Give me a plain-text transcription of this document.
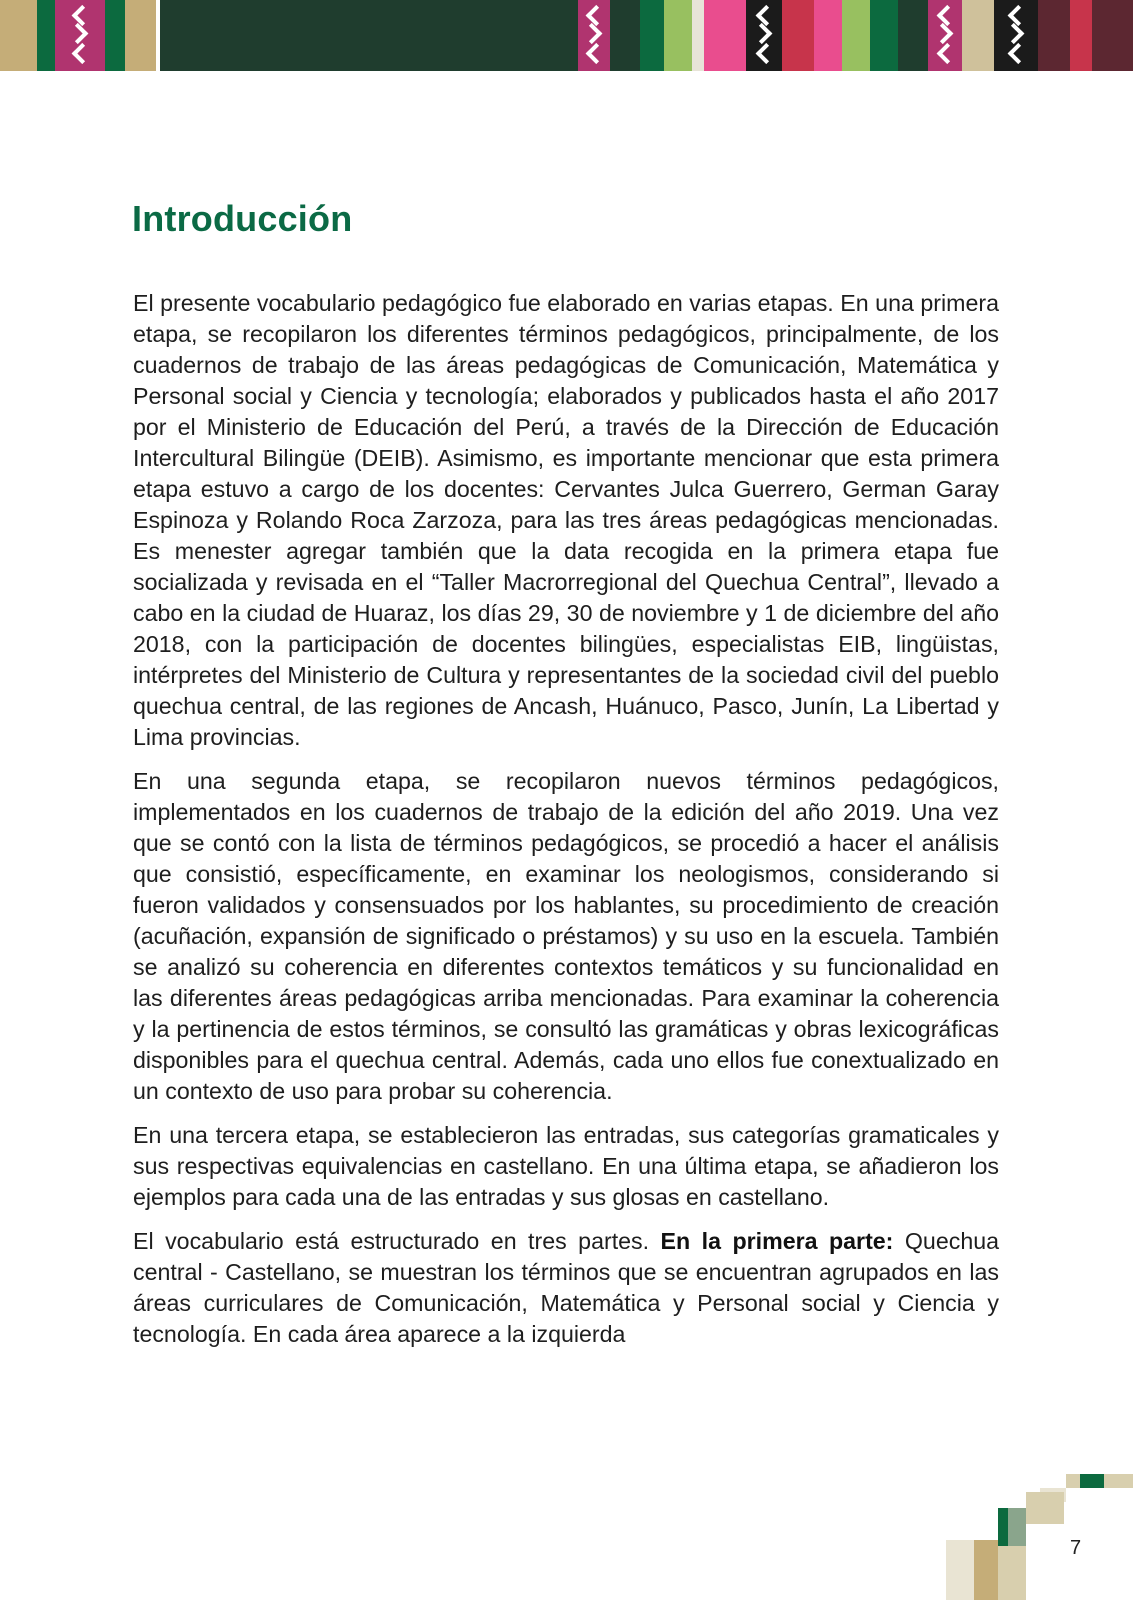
Introducción

El presente vocabulario pedagógico fue elaborado en varias etapas. En una primera etapa, se recopilaron los diferentes términos pedagógicos, principalmente, de los cuadernos de trabajo de las áreas pedagógicas de Comunicación, Matemática y Personal social y Ciencia y tecnología; elaborados y publicados hasta el año 2017 por el Ministerio de Educación del Perú, a través de la Dirección de Educación Intercultural Bilingüe (DEIB). Asimismo, es importante mencionar que esta primera etapa estuvo a cargo de los docentes: Cervantes Julca Guerrero, German Garay Espinoza y Rolando Roca Zarzoza, para las tres áreas pedagógicas mencionadas. Es menester agregar también que la data recogida en la primera etapa fue socializada y revisada en el “Taller Macrorregional del Quechua Central”, llevado a cabo en la ciudad de Huaraz, los días 29, 30 de noviembre y 1 de diciembre del año 2018, con la participación de docentes bilingües, especialistas EIB, lingüistas, intérpretes del Ministerio de Cultura y representantes de la sociedad civil del pueblo quechua central, de las regiones de Ancash, Huánuco, Pasco, Junín, La Libertad y Lima provincias.

En una segunda etapa, se recopilaron nuevos términos pedagógicos, implementados en los cuadernos de trabajo de la edición del año 2019. Una vez que se contó con la lista de términos pedagógicos, se procedió a hacer el análisis que consistió, específicamente, en examinar los neologismos, considerando si fueron validados y consensuados por los hablantes, su procedimiento de creación (acuñación, expansión de significado o préstamos) y su uso en la escuela. También se analizó su coherencia en diferentes contextos temáticos y su funcionalidad en las diferentes áreas pedagógicas arriba mencionadas. Para examinar la coherencia y la pertinencia de estos términos, se consultó las gramáticas y obras lexicográficas disponibles para el quechua central. Además, cada uno ellos fue conextualizado en un contexto de uso para probar su coherencia.

En una tercera etapa, se establecieron las entradas, sus categorías gramaticales y sus respectivas equivalencias en castellano. En una última etapa, se añadieron los ejemplos para cada una de las entradas y sus glosas en castellano.

El vocabulario está estructurado en tres partes. En la primera parte: Quechua central - Castellano, se muestran los términos que se encuentran agrupados en las áreas curriculares de Comunicación, Matemática y Personal social y Ciencia y tecnología. En cada área aparece a la izquierda

7
